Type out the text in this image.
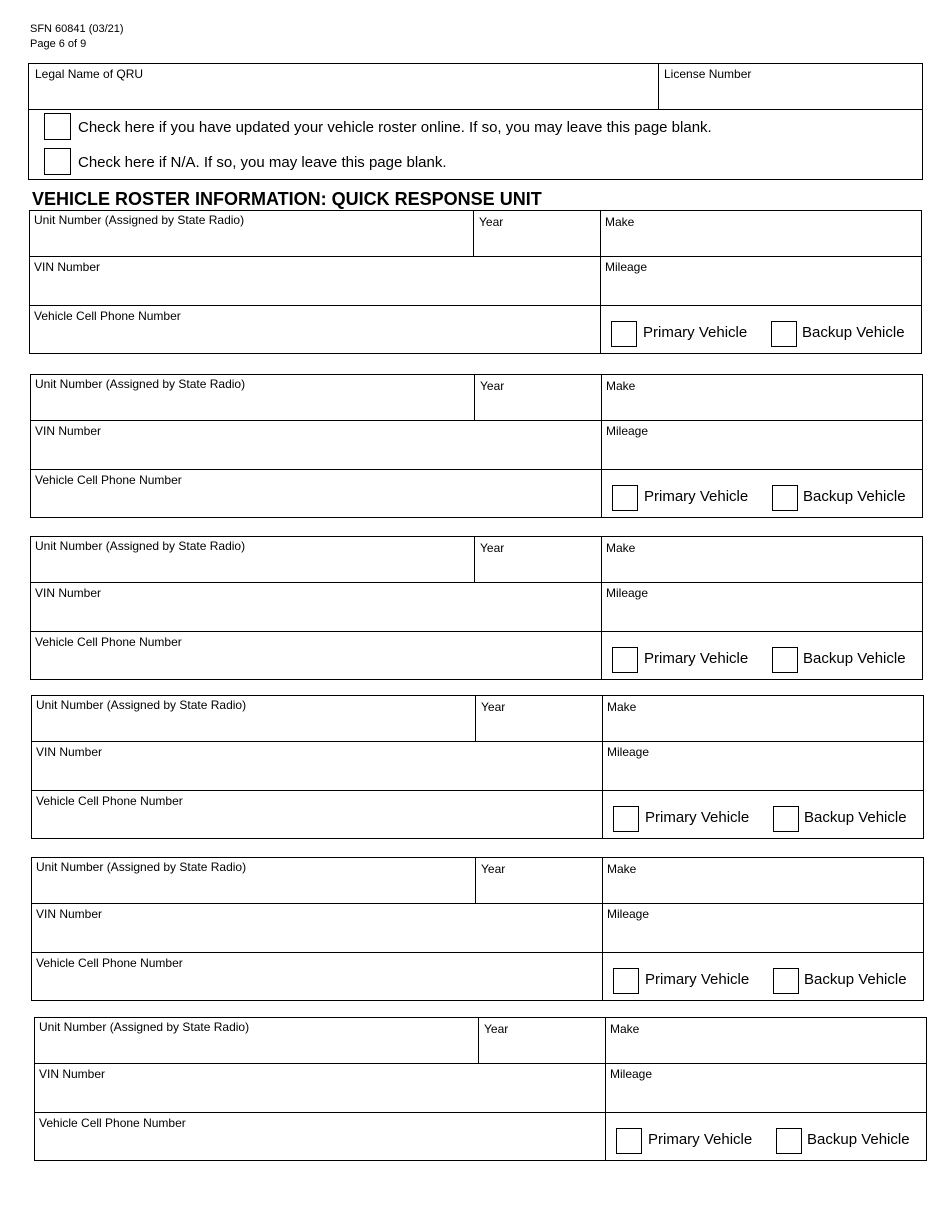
SFN 60841 (03/21)
Page 6 of 9
Legal Name of QRU	License Number
Check here if you have updated your vehicle roster online. If so, you may leave this page blank.
Check here if N/A. If so, you may leave this page blank.
VEHICLE ROSTER INFORMATION: QUICK RESPONSE UNIT
Unit Number (Assigned by State Radio)	Year	Make
VIN Number	Mileage
Vehicle Cell Phone Number
Primary Vehicle	Backup Vehicle
Unit Number (Assigned by State Radio)	Year	Make
VIN Number	Mileage
Vehicle Cell Phone Number
Primary Vehicle	Backup Vehicle
Unit Number (Assigned by State Radio)	Year	Make
VIN Number	Mileage
Vehicle Cell Phone Number
Primary Vehicle	Backup Vehicle
Unit Number (Assigned by State Radio)	Year	Make
VIN Number	Mileage
Vehicle Cell Phone Number
Primary Vehicle	Backup Vehicle
Unit Number (Assigned by State Radio)	Year	Make
VIN Number	Mileage
Vehicle Cell Phone Number
Primary Vehicle	Backup Vehicle
Unit Number (Assigned by State Radio)	Year	Make
VIN Number	Mileage
Vehicle Cell Phone Number
Primary Vehicle	Backup Vehicle
